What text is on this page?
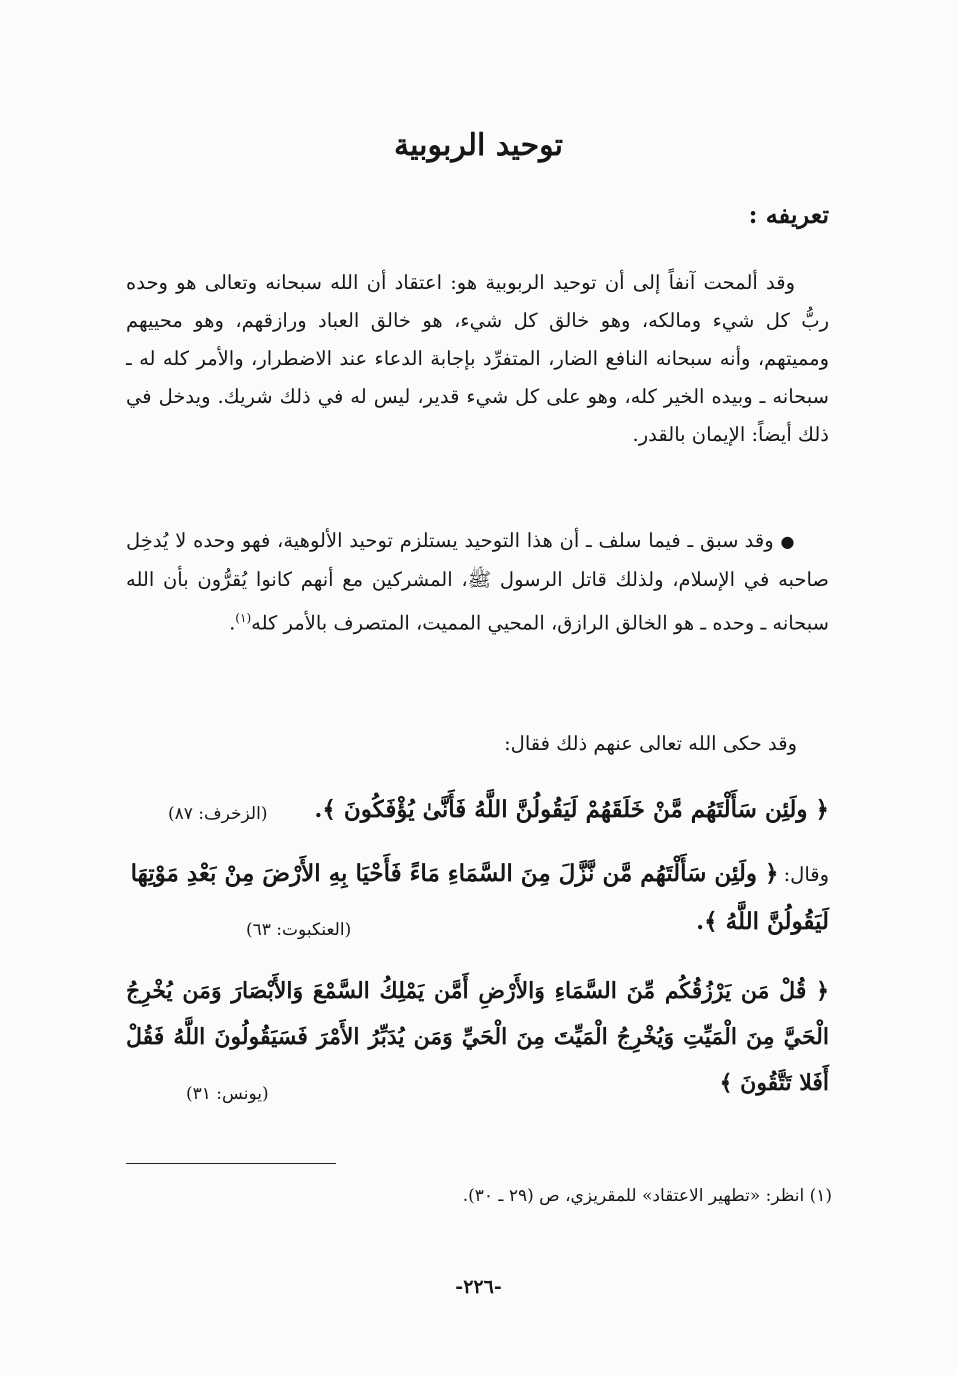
توحيد الربوبية
تعريفه :

وقد ألمحت آنفاً إلى أن توحيد الربوبية هو: اعتقاد أن الله سبحانه وتعالى هو وحده ربُّ كل شيء ومالكه، وهو خالق كل شيء، هو خالق العباد ورازقهم، وهو محييهم ومميتهم، وأنه سبحانه النافع الضار، المتفرِّد بإجابة الدعاء عند الاضطرار، والأمر كله له ـ سبحانه ـ وبيده الخير كله، وهو على كل شيء قدير، ليس له في ذلك شريك. ويدخل في ذلك أيضاً: الإيمان بالقدر.

● وقد سبق ـ فيما سلف ـ أن هذا التوحيد يستلزم توحيد الألوهية، فهو وحده لا يُدخِل صاحبه في الإسلام، ولذلك قاتل الرسول ﷺ، المشركين مع أنهم كانوا يُقرُّون بأن الله سبحانه ـ وحده ـ هو الخالق الرازق، المحيي المميت، المتصرف بالأمر كله$^{(١)}$.

وقد حكى الله تعالى عنهم ذلك فقال:

﴿ ولَئِن سَأَلْتَهُم مَّنْ خَلَقَهُمْ لَيَقُولُنَّ اللَّهُ فَأَنَّىٰ يُؤْفَكُونَ ﴾.
(الزخرف: ٨٧)
وقال: ﴿ ولَئِن سَأَلْتَهُم مَّن نَّزَّلَ مِنَ السَّمَاءِ مَاءً فَأَحْيَا بِهِ الأَرْضَ مِنْ بَعْدِ مَوْتِهَا
لَيَقُولُنَّ اللَّهُ ﴾.
(العنكبوت: ٦٣)
﴿ قُلْ مَن يَرْزُقُكُم مِّنَ السَّمَاءِ وَالأَرْضِ أَمَّن يَمْلِكُ السَّمْعَ وَالأَبْصَارَ وَمَن يُخْرِجُ الْحَيَّ مِنَ الْمَيِّتِ وَيُخْرِجُ الْمَيِّتَ مِنَ الْحَيِّ وَمَن يُدَبِّرُ الأَمْرَ فَسَيَقُولُونَ اللَّهُ فَقُلْ أَفَلا تَتَّقُونَ ﴾
(يونس: ٣١)

(١) انظر: «تطهير الاعتقاد» للمقريزي، ص (٢٩ ـ ٣٠).

-٢٢٦-
